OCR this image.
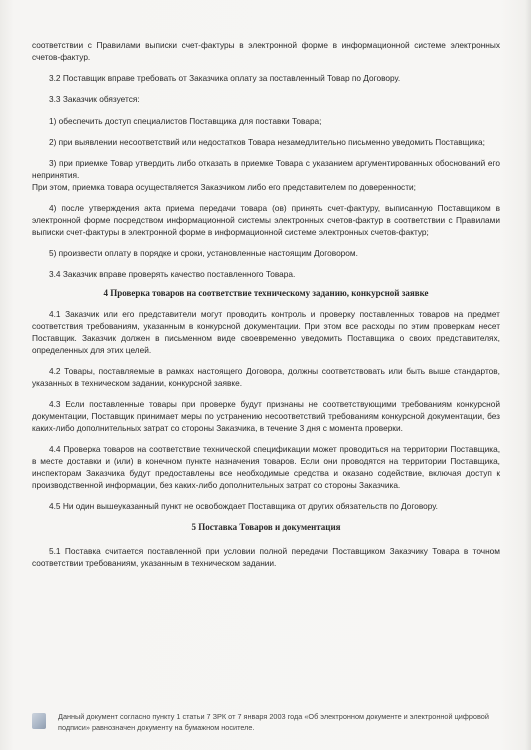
соответствии с Правилами выписки счет-фактуры в электронной форме в информационной системе электронных счетов-фактур.

3.2 Поставщик вправе требовать от Заказчика оплату за поставленный Товар по Договору.

3.3 Заказчик обязуется:

1) обеспечить доступ специалистов Поставщика для поставки Товара;

2) при выявлении несоответствий или недостатков Товара незамедлительно письменно уведомить Поставщика;

3) при приемке Товар утвердить либо отказать в приемке Товара с указанием аргументированных обоснований его непринятия.

При этом, приемка товара осуществляется Заказчиком либо его представителем по доверенности;

4) после утверждения акта приема передачи товара (ов) принять счет-фактуру, выписанную Поставщиком в электронной форме посредством информационной системы электронных счетов-фактур в соответствии с Правилами выписки счет-фактуры в электронной форме в информационной системе электронных счетов-фактур;

5) произвести оплату в порядке и сроки, установленные настоящим Договором.

3.4 Заказчик вправе проверять качество поставленного Товара.

4 Проверка товаров на соответствие техническому заданию, конкурсной заявке

4.1 Заказчик или его представители могут проводить контроль и проверку поставленных товаров на предмет соответствия требованиям, указанным в конкурсной документации. При этом все расходы по этим проверкам несет Поставщик. Заказчик должен в письменном виде своевременно уведомить Поставщика о своих представителях, определенных для этих целей.

4.2 Товары, поставляемые в рамках настоящего Договора, должны соответствовать или быть выше стандартов, указанных в техническом задании, конкурсной заявке.

4.3 Если поставленные товары при проверке будут признаны не соответствующими требованиям конкурсной документации, Поставщик принимает меры по устранению несоответствий требованиям конкурсной документации, без каких-либо дополнительных затрат со стороны Заказчика, в течение 3 дня с момента проверки.

4.4 Проверка товаров на соответствие технической спецификации может проводиться на территории Поставщика, в месте доставки и (или) в конечном пункте назначения товаров. Если они проводятся на территории Поставщика, инспекторам Заказчика будут предоставлены все необходимые средства и оказано содействие, включая доступ к производственной информации, без каких-либо дополнительных затрат со стороны Заказчика.

4.5 Ни один вышеуказанный пункт не освобождает Поставщика от других обязательств по Договору.

5 Поставка Товаров и документация

5.1 Поставка считается поставленной при условии полной передачи Поставщиком Заказчику Товара в точном соответствии требованиям, указанным в техническом задании.

Данный документ согласно пункту 1 статьи 7 ЗРК от 7 января 2003 года «Об электронном документе и электронной цифровой подписи» равнозначен документу на бумажном носителе.
